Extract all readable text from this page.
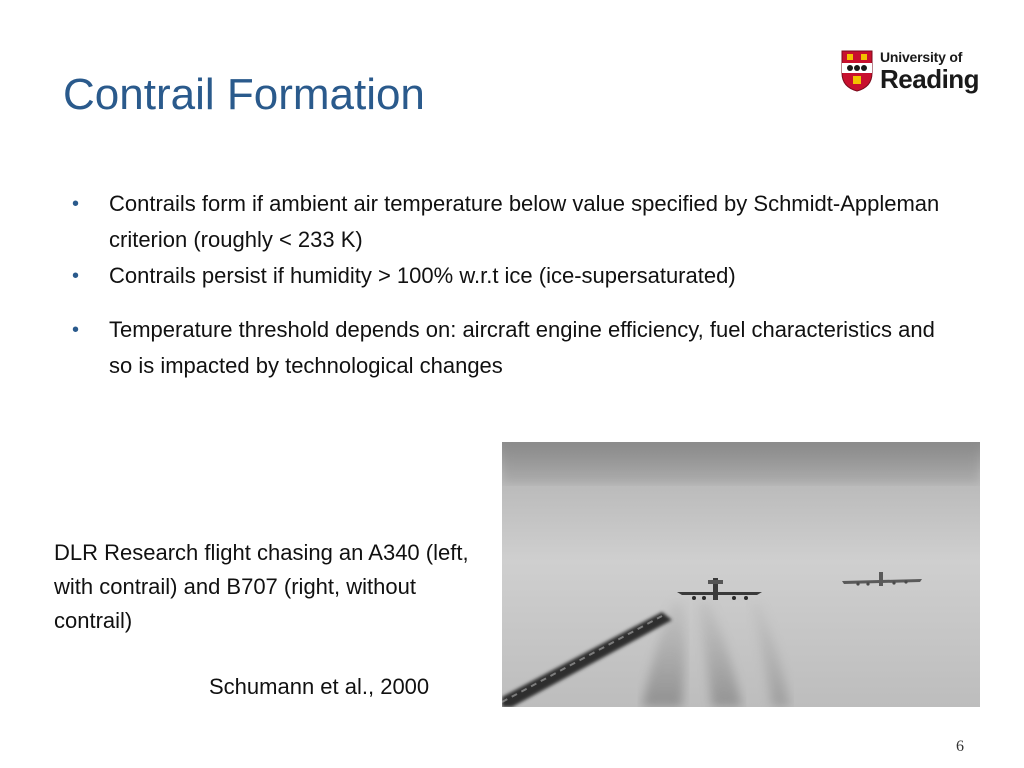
Contrail Formation
University of
Reading
• Contrails form if ambient air temperature below value specified by Schmidt-Appleman criterion (roughly < 233 K)
• Contrails persist if humidity > 100% w.r.t ice (ice-supersaturated)
• Temperature threshold depends on: aircraft engine efficiency, fuel characteristics and so is impacted by technological changes
DLR Research flight chasing an A340 (left, with contrail) and B707 (right, without contrail)
Schumann et al., 2000
6
